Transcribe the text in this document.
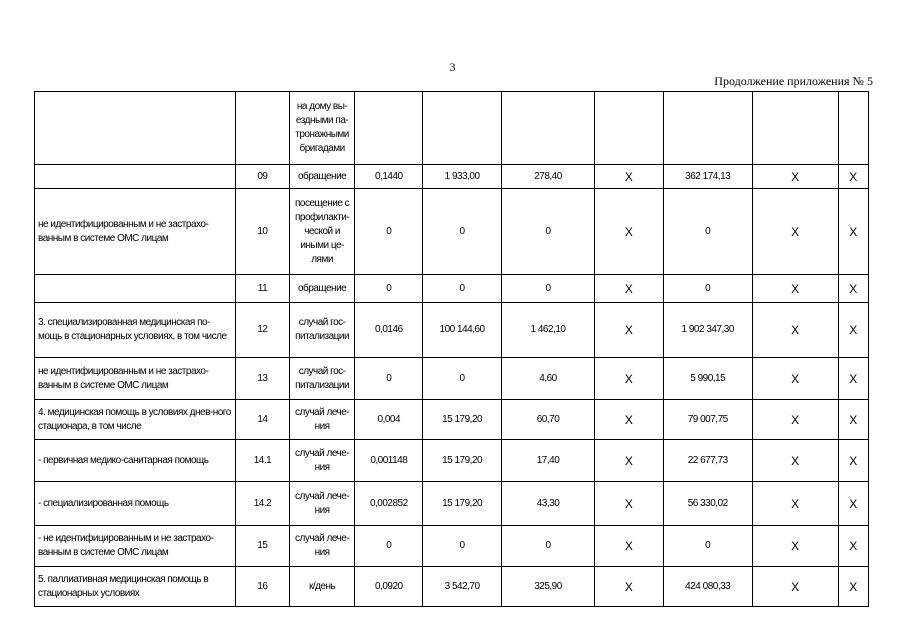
3
Продолжение приложения № 5
		на дому вы-ездными па-тронажными бригадами							
	09	обращение	0,1440	1 933,00	278,40	Х	362 174,13	Х	Х
не идентифицированным и не застрахо-ванным в системе ОМС лицам	10	посещение с профилакти-ческой и иными це-лями	0	0	0	Х	0	Х	Х
	11	обращение	0	0	0	Х	0	Х	Х
3. специализированная медицинская по-мощь в стационарных условиях, в том числе	12	случай гос-питализации	0,0146	100 144,60	1 462,10	Х	1 902 347,30	Х	Х
не идентифицированным и не застрахо-ванным в системе ОМС лицам	13	случай гос-питализации	0	0	4,60	Х	5 990,15	Х	Х
4. медицинская помощь в условиях днев-ного стационара, в том числе	14	случай лече-ния	0,004	15 179,20	60,70	Х	79 007,75	Х	Х
- первичная медико-санитарная помощь	14.1	случай лече-ния	0,001148	15 179,20	17,40	Х	22 677,73	Х	Х
- специализированная помощь	14.2	случай лече-ния	0,002852	15 179,20	43,30	Х	56 330,02	Х	Х
- не идентифицированным и не застрахо-ванным в системе ОМС лицам	15	случай лече-ния	0	0	0	Х	0	Х	Х
5. паллиативная медицинская помощь в стационарных условиях	16	к/день	0,0920	3 542,70	325,90	Х	424 080,33	Х	Х
